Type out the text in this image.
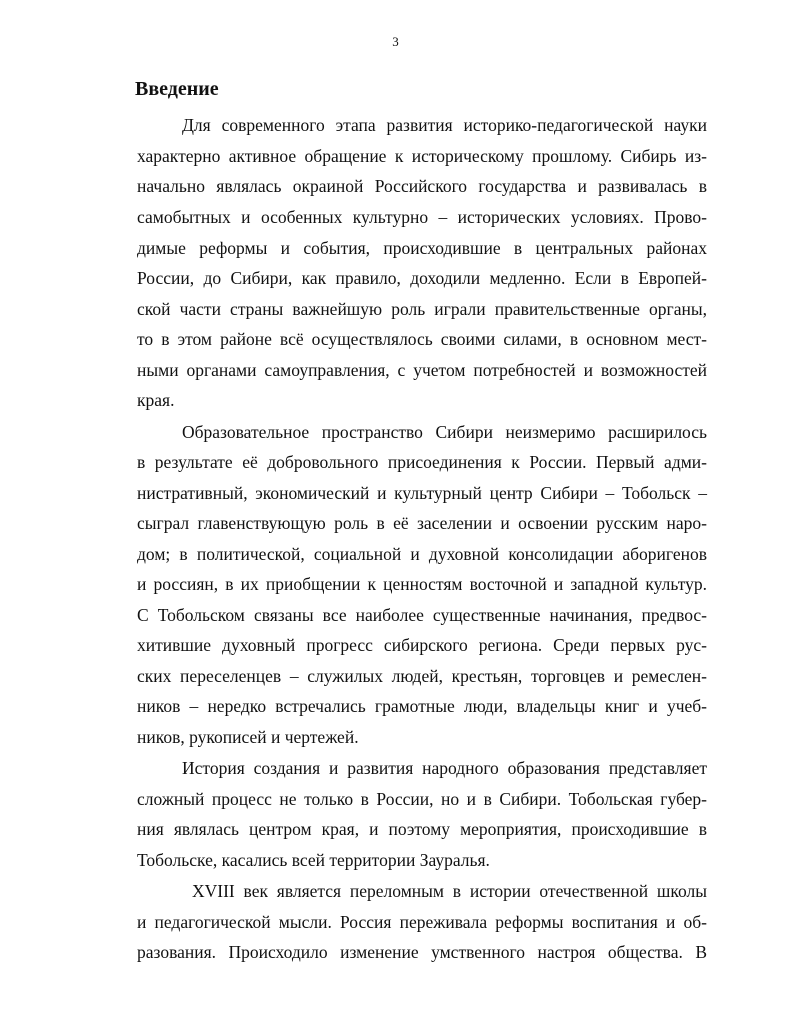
3
Введение
Для современного этапа развития историко-педагогической науки
характерно активное обращение к историческому прошлому. Сибирь из-
начально являлась окраиной Российского государства и развивалась в
самобытных и особенных культурно – исторических условиях. Прово-
димые реформы и события, происходившие в центральных районах
России, до Сибири, как правило, доходили медленно. Если в Европей-
ской части страны важнейшую роль играли правительственные органы,
то в этом районе всё осуществлялось своими силами, в основном мест-
ными органами самоуправления, с учетом потребностей и возможностей
края.
Образовательное пространство Сибири неизмеримо расширилось
в результате её добровольного присоединения к России. Первый адми-
нистративный, экономический и культурный центр Сибири – Тобольск –
сыграл главенствующую роль в её заселении и освоении русским наро-
дом; в политической, социальной и духовной консолидации аборигенов
и россиян, в их приобщении к ценностям восточной и западной культур.
С Тобольском связаны все наиболее существенные начинания, предвос-
хитившие духовный прогресс сибирского региона. Среди первых рус-
ских переселенцев – служилых людей, крестьян, торговцев и ремеслен-
ников – нередко встречались грамотные люди, владельцы книг и учеб-
ников, рукописей и чертежей.
История создания и развития народного образования представляет
сложный процесс не только в России, но и в Сибири. Тобольская губер-
ния являлась центром края, и поэтому мероприятия, происходившие в
Тобольске, касались всей территории Зауралья.
XVIII век является переломным в истории отечественной школы
и педагогической мысли. Россия переживала реформы воспитания и об-
разования. Происходило изменение умственного настроя общества. В
